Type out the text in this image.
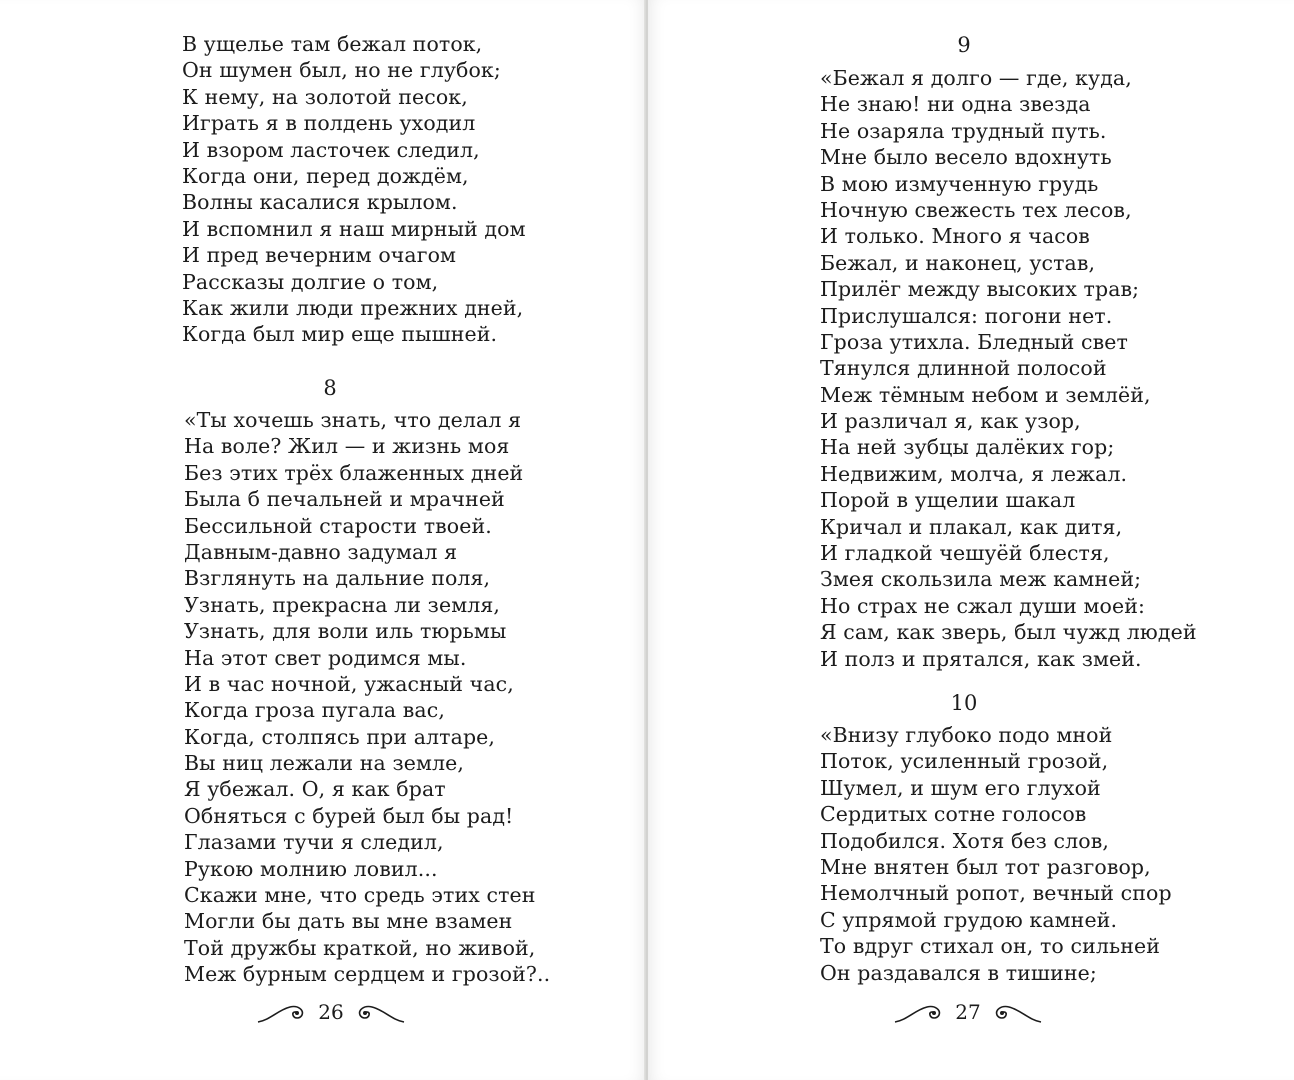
В ущелье там бежал поток,
Он шумен был, но не глубок;
К нему, на золотой песок,
Играть я в полдень уходил
И взором ласточек следил,
Когда они, перед дождём,
Волны касалися крылом.
И вспомнил я наш мирный дом
И пред вечерним очагом
Рассказы долгие о том,
Как жили люди прежних дней,
Когда был мир еще пышней.
8
«Ты хочешь знать, что делал я
На воле? Жил — и жизнь моя
Без этих трёх блаженных дней
Была б печальней и мрачней
Бессильной старости твоей.
Давным-давно задумал я
Взглянуть на дальние поля,
Узнать, прекрасна ли земля,
Узнать, для воли иль тюрьмы
На этот свет родимся мы.
И в час ночной, ужасный час,
Когда гроза пугала вас,
Когда, столпясь при алтаре,
Вы ниц лежали на земле,
Я убежал. О, я как брат
Обняться с бурей был бы рад!
Глазами тучи я следил,
Рукою молнию ловил...
Скажи мне, что средь этих стен
Могли бы дать вы мне взамен
Той дружбы краткой, но живой,
Меж бурным сердцем и грозой?..
26
9
«Бежал я долго — где, куда,
Не знаю! ни одна звезда
Не озаряла трудный путь.
Мне было весело вдохнуть
В мою измученную грудь
Ночную свежесть тех лесов,
И только. Много я часов
Бежал, и наконец, устав,
Прилёг между высоких трав;
Прислушался: погони нет.
Гроза утихла. Бледный свет
Тянулся длинной полосой
Меж тёмным небом и землёй,
И различал я, как узор,
На ней зубцы далёких гор;
Недвижим, молча, я лежал.
Порой в ущелии шакал
Кричал и плакал, как дитя,
И гладкой чешуёй блестя,
Змея скользила меж камней;
Но страх не сжал души моей:
Я сам, как зверь, был чужд людей
И полз и прятался, как змей.
10
«Внизу глубоко подо мной
Поток, усиленный грозой,
Шумел, и шум его глухой
Сердитых сотне голосов
Подобился. Хотя без слов,
Мне внятен был тот разговор,
Немолчный ропот, вечный спор
С упрямой грудою камней.
То вдруг стихал он, то сильней
Он раздавался в тишине;
27
